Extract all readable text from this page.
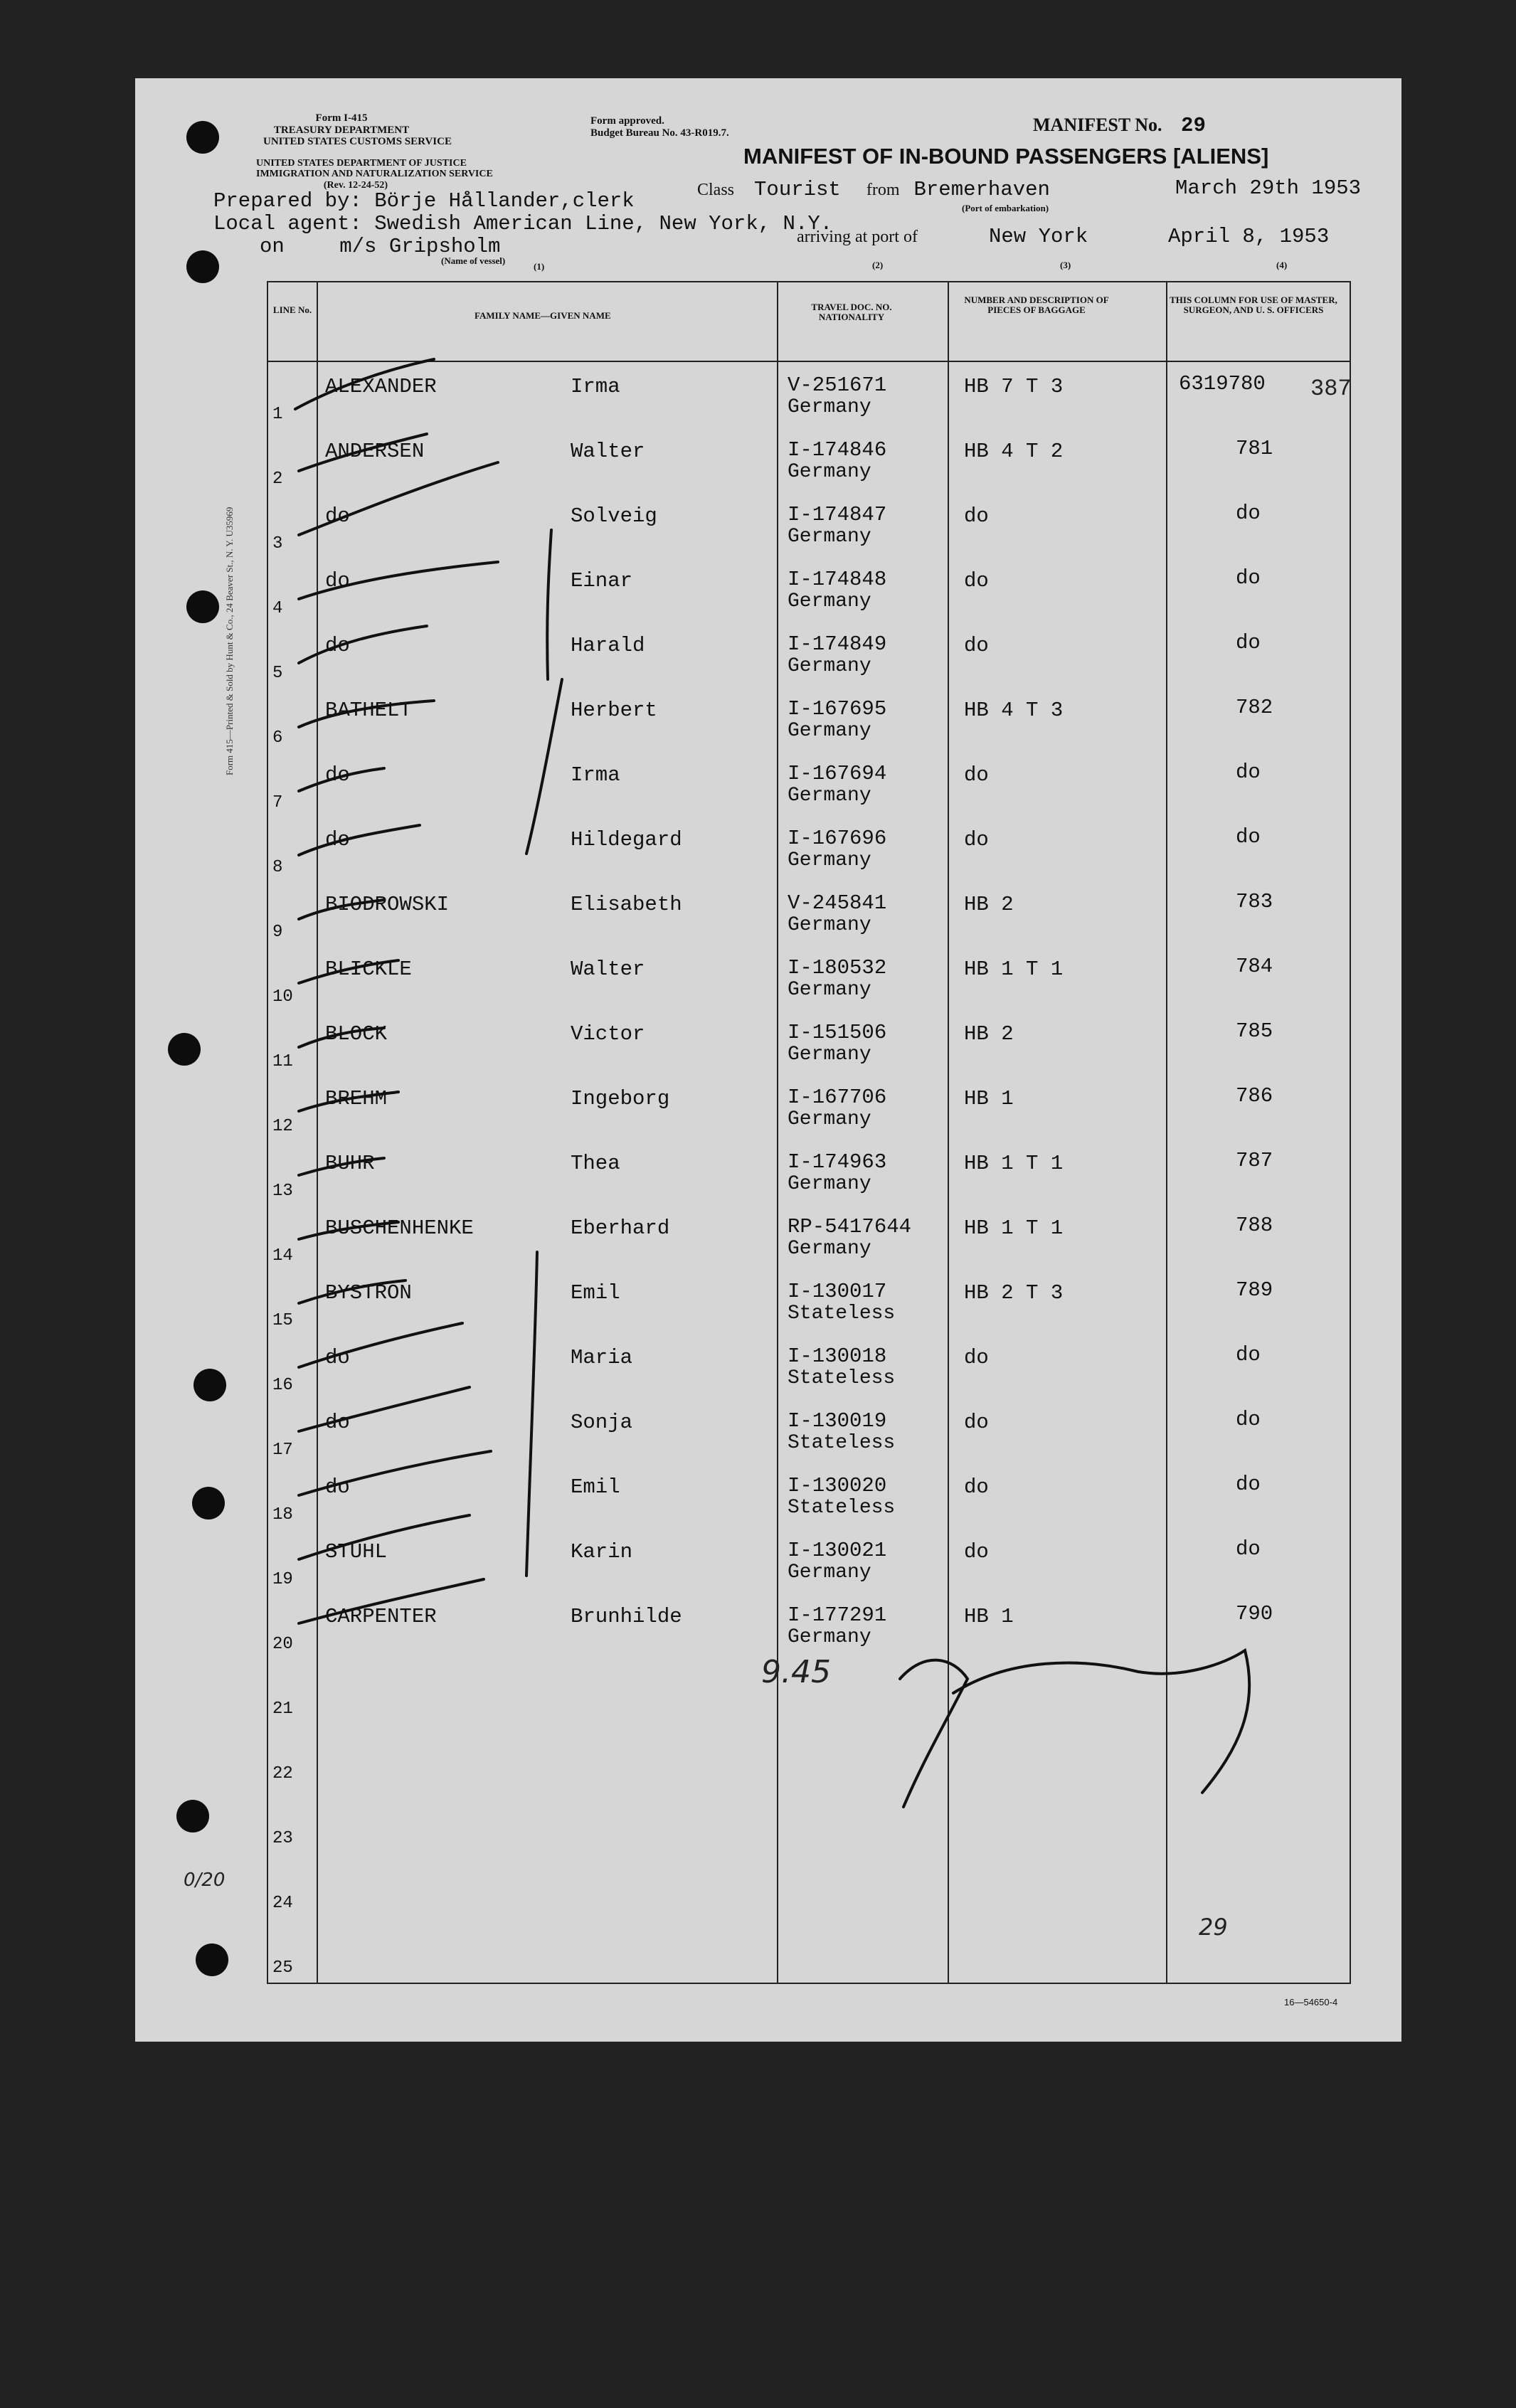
Form I-415
TREASURY DEPARTMENT
UNITED STATES CUSTOMS SERVICE
UNITED STATES DEPARTMENT OF JUSTICE
IMMIGRATION AND NATURALIZATION SERVICE
(Rev. 12-24-52)
Form approved.
Budget Bureau No. 43-R019.7.	MANIFEST No. 29
MANIFEST OF IN-BOUND PASSENGERS [ALIENS]
Prepared by: Börje Hållander,clerk
Local agent: Swedish American Line, New York, N.Y.
on	m/s Gripsholm
(Name of vessel)
(1)
Class Tourist from Bremerhaven	March 29th 1953
(Port of embarkation)
arriving at port of	New York	April 8, 1953
(2)	(3)	(4)
Form 415—Printed & Sold by Hunt & Co., 24 Beaver St., N. Y. U35969
LINE No.
FAMILY NAME—GIVEN NAME
TRAVEL DOC. NO. NATIONALITY
NUMBER AND DESCRIPTION OF PIECES OF BAGGAGE
THIS COLUMN FOR USE OF MASTER, SURGEON, AND U. S. OFFICERS
1
ALEXANDER	Irma	V-251671
Germany
HB 7 T 3	6319780
2
ANDERSEN	Walter	I-174846
Germany
HB 4 T 2	781
3
do	Solveig	I-174847
Germany
do	do
4
do	Einar	I-174848
Germany
do	do
5
do	Harald	I-174849
Germany
do	do
6
BATHELT	Herbert	I-167695
Germany
HB 4 T 3	782
7
do	Irma	I-167694
Germany
do	do
8
do	Hildegard	I-167696
Germany
do	do
9
BIODROWSKI	Elisabeth	V-245841
Germany
HB 2	783
10
BLICKLE	Walter	I-180532
Germany
HB 1 T 1	784
11
BLOCK	Victor	I-151506
Germany
HB 2	785
12
BREHM	Ingeborg	I-167706
Germany
HB 1	786
13
BUHR	Thea	I-174963
Germany
HB 1 T 1	787
14
BUSCHENHENKE	Eberhard	RP-5417644
Germany
HB 1 T 1	788
15
BYSTRON	Emil	I-130017
Stateless
HB 2 T 3	789
16
do	Maria	I-130018
Stateless
do	do
17
do	Sonja	I-130019
Stateless
do	do
18
do	Emil	I-130020
Stateless
do	do
19
STUHL	Karin	I-130021
Germany
do	do
20
CARPENTER	Brunhilde	I-177291
Germany
HB 1	790
21
22
23
24
25
16—54650-4
387
0/20
29
9.45
